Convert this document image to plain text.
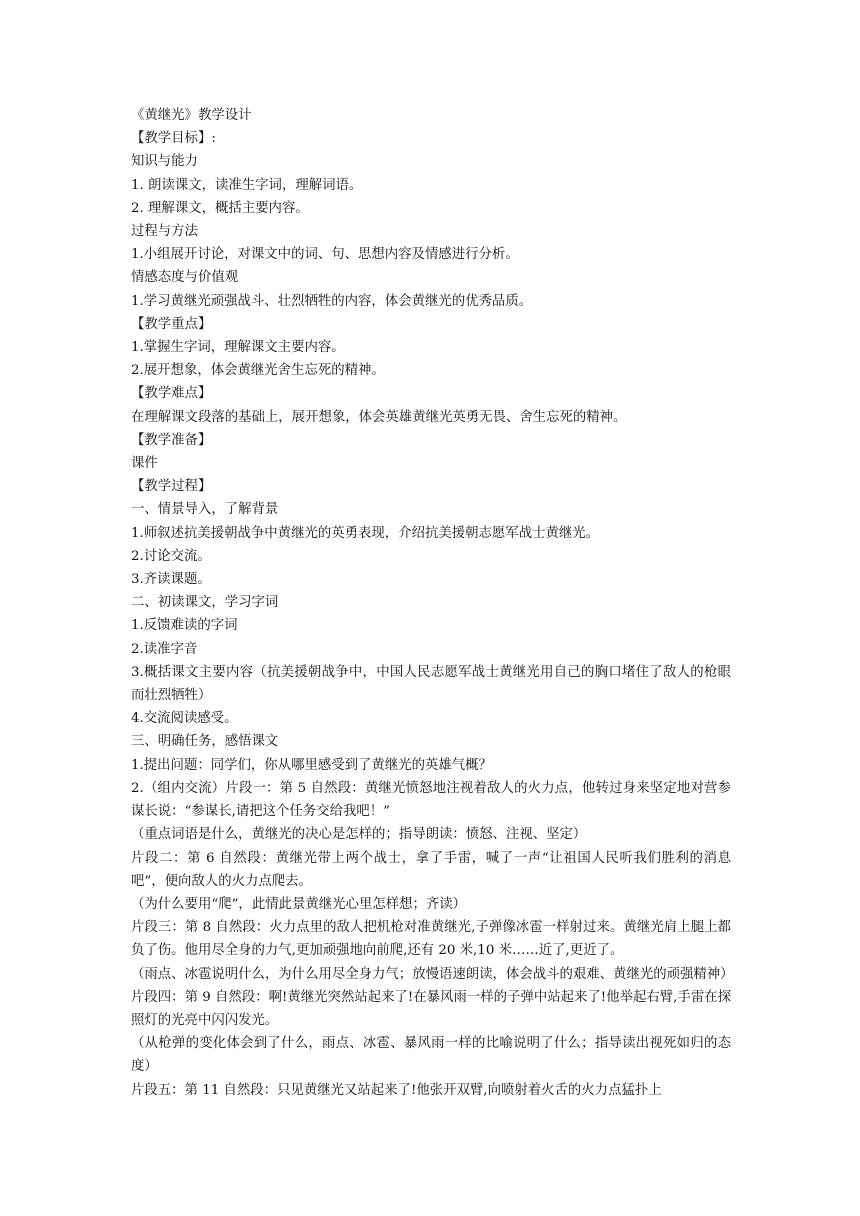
《黄继光》教学设计

【教学目标】:

知识与能力

1. 朗读课文，读准生字词，理解词语。

2. 理解课文，概括主要内容。

过程与方法

1.小组展开讨论，对课文中的词、句、思想内容及情感进行分析。

情感态度与价值观

1.学习黄继光顽强战斗、壮烈牺牲的内容，体会黄继光的优秀品质。

【教学重点】

1.掌握生字词，理解课文主要内容。

2.展开想象，体会黄继光舍生忘死的精神。

【教学难点】

在理解课文段落的基础上，展开想象，体会英雄黄继光英勇无畏、舍生忘死的精神。

【教学准备】

课件

【教学过程】

一、情景导入，了解背景

1.师叙述抗美援朝战争中黄继光的英勇表现，介绍抗美援朝志愿军战士黄继光。

2.讨论交流。

3.齐读课题。

二、初读课文，学习字词

1.反馈难读的字词

2.读准字音

3.概括课文主要内容（抗美援朝战争中，中国人民志愿军战士黄继光用自己的胸口堵住了敌人的枪眼而壮烈牺牲）

4.交流阅读感受。

三、明确任务，感悟课文

1.提出问题：同学们，你从哪里感受到了黄继光的英雄气概？

2.（组内交流）片段一：第 5 自然段：黄继光愤怒地注视着敌人的火力点，他转过身来坚定地对营参谋长说：“参谋长,请把这个任务交给我吧！”

（重点词语是什么，黄继光的决心是怎样的；指导朗读：愤怒、注视、坚定）

片段二：第 6 自然段：黄继光带上两个战士，拿了手雷，喊了一声“让祖国人民听我们胜利的消息吧”，便向敌人的火力点爬去。

（为什么要用“爬”，此情此景黄继光心里怎样想；齐读）

片段三：第 8 自然段：火力点里的敌人把机枪对准黄继光,子弹像冰雹一样射过来。黄继光肩上腿上都负了伤。他用尽全身的力气,更加顽强地向前爬,还有 20 米,10 米……近了,更近了。

（雨点、冰雹说明什么，为什么用尽全身力气；放慢语速朗读，体会战斗的艰难、黄继光的顽强精神）

片段四：第 9 自然段：啊!黄继光突然站起来了!在暴风雨一样的子弹中站起来了!他举起右臂,手雷在探照灯的光亮中闪闪发光。

（从枪弹的变化体会到了什么，雨点、冰雹、暴风雨一样的比喻说明了什么；指导读出视死如归的态度）

片段五：第 11 自然段：只见黄继光又站起来了!他张开双臂,向喷射着火舌的火力点猛扑上
